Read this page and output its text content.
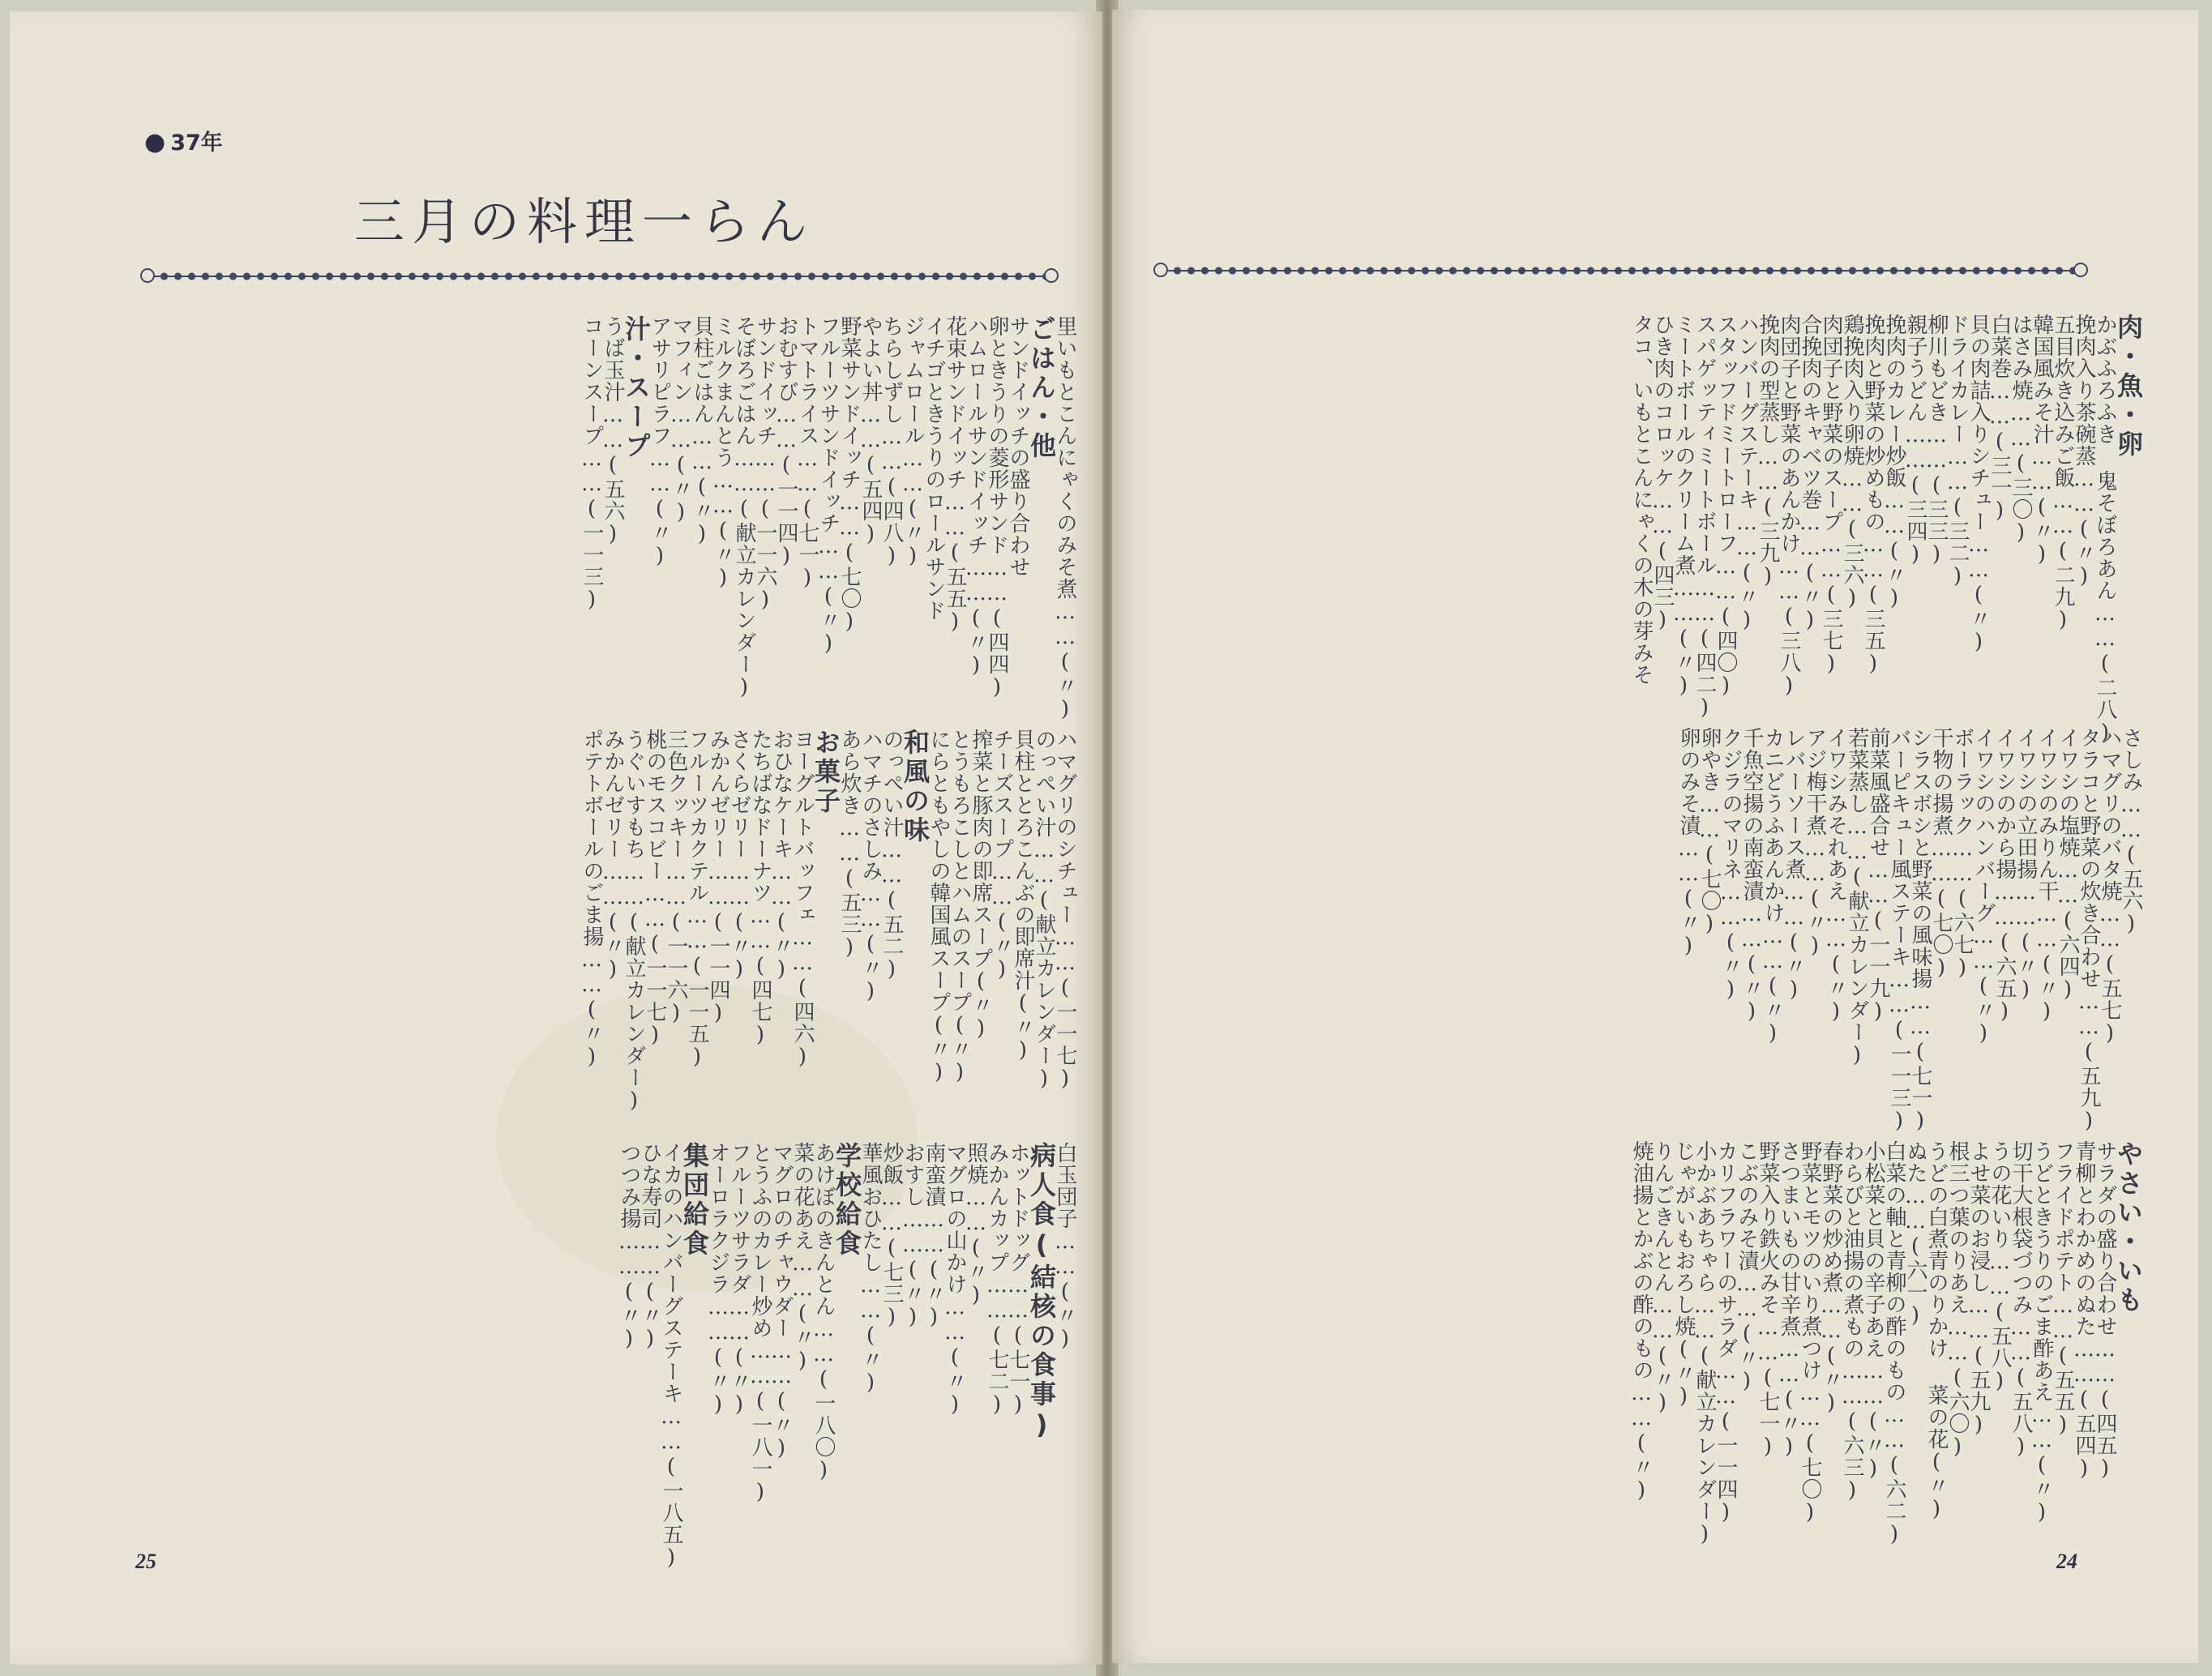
● 37年
三月の料理一らん
里いもとこんにゃくのみそ煮……(〃)
ごはん・他
サンドイッチの盛り合わせ
卵ときうりの菱形サンド……(四四)
ハムロールサンドイッチ……(〃)
花束サンドイッチ……(五五)
イチゴときうりのロールサンド
ジャムロール……(〃)
ちらしずし……(四八)
やよい丼……(五四)
野菜サンドイッチ……(七〇)
フルーツサンドイッチ……(〃)
トマトライス……(七一)
おむすび……(一一四)
サンドイッチ……(一一六)
そぼろごはん……(献立カレンダー)
ミルクまんとう……(〃)
貝柱ごはん……(〃)
マフィン……(〃)
アサリピラフ……(〃)
汁・スープ
うば玉汁……(五六)
コーンスープ……(一一三)
ハマグリのシチュー……(一一七)
のっぺい汁……(献立カレンダー)
貝柱ととろこんぶの即席汁(〃)
チーズスープ……(〃)
搾菜と豚肉の即席スープ(〃)
とうもろこしとハムのスープ(〃)
にらともやしの韓国風スープ(〃)
和風の味
のっぺい汁……(五二)
ハマチのさしみ……(〃)
あら炊き……(五三)
お菓子
ヨーグルトバッフェ……(四六)
おひなケーキ……(〃)
たちばなドーナツ……(四七)
さくらゼリー……(〃)
みかんゼリー……(一一四)
フルーツカクテル……(一一五)
三色クッキー……(一一六)
桃のモスコビー……(一一七)
うぐいすもち……(献立カレンダー)
みかんゼリー……(〃)
ポテトボールのごま揚……(〃)
白玉団子……(〃)
病人食(結核の食事)
ホットドッグ……(七一)
みかんカップ……(七二)
照焼……(〃)
マグロの山かけ……(〃)
南蛮漬……(〃)
おすし……(〃)
炒飯……(七三)
華風おひたし……(〃)
学校給食
あけぼのきんとん……(一八〇)
菜の花あえ……(〃)
マグロのチャウダー……(〃)
とうふのカレー炒め……(一八一)
フルーツサラダ……(〃)
オーロラクジラ……(〃)
集団給食
イカのハンバーグステーキ……(一八五)
ひな寿司……(〃)
つつみ揚……(〃)
25
肉・魚・卵
かぶふろふき 鬼そぼろあん……(二八)
挽肉入り茶碗蒸……(〃)
五目炊き込みご飯……(二九)
韓国風みそ汁……(〃)
はさみ焼……(三〇)
白菜巻……(三一)
貝の肉詰入りシチュー……(〃)
ドライカレー……(三二)
柳川もどき……(三三)
親子うどん……(三四)
挽肉のカレー炒飯……(〃)
挽肉と野菜の炒めもの……(三五)
鶏挽肉入り卵焼……(三六)
肉団子と野菜のスープ……(三七)
合挽肉のキャベツ巻……(〃)
肉団子と野菜のあんかけ……(三八)
挽肉の型蒸し……(三九)
ハンバーグステーキ……(〃)
スタッフドミートローフ……(四〇)
スパゲッティミートボール……(四二)
ミートボールのクリーム煮……(〃)
ひき肉のコロッケ……(四三)
タコ、いもとこんにゃくの木の芽みそ
さしみ……(五六)
ハマグリのバタ焼……(五七)
タラコと野菜の炊き合わせ……(五九)
イワシの塩焼……(六四)
イワシのみりん干……(〃)
イワシの立田揚……(〃)
イワシのから揚……(六五)
イワシのハンバーグ……(〃)
ボーラック……(六七)
干物の揚煮……(七〇)
シラスボシと野菜の風味揚……(七一)
バーピキュー風ステーキ……(一一三)
前菜風盛合せ……(一一九)
若菜蒸し……(献立カレンダー)
イワシみそれあえ……(〃)
アジ梅干煮……(〃)
レバーソース煮……(〃)
カニどうふあんかけ……(〃)
千魚空揚の南蛮漬……(〃)
クジラのマリネ……(〃)
卵やき……(七〇)
卵のみそ漬……(〃)
やさい・いも
サラダの盛り合わせ……(四五)
青柳とわかめのぬた……(五四)
フライドポテト……(五五)
うどときうりのごま酢あえ……(〃)
切干大根袋づつみ……(五八)
うの花いり……(五八)
よせ菜のお浸し……(五九)
根三つ葉のりあえ……(六〇)
うどの白煮青のりかけ 菜の花(〃)
ぬた……(六一)
白菜の軸と青柳の酢のもの……(六二)
小松菜と貝の辛子あえ……(〃)
わらびと油揚の煮もの……(六三)
春野菜の炒め煮……(〃)
野菜とモツのいり煮つけ……(七〇)
さつまいもの甘辛煮……(〃)
野菜入り鉄火みそ……(七一)
こぶのみそ漬……(〃)
カリフラワーのサラダ……(一一四)
小かぶあちゃら……(献立カレンダー)
じゃがいもおろし焼(〃)
りんごきんとん……(〃)
焼油揚とかぶの酢のもの……(〃)
24
